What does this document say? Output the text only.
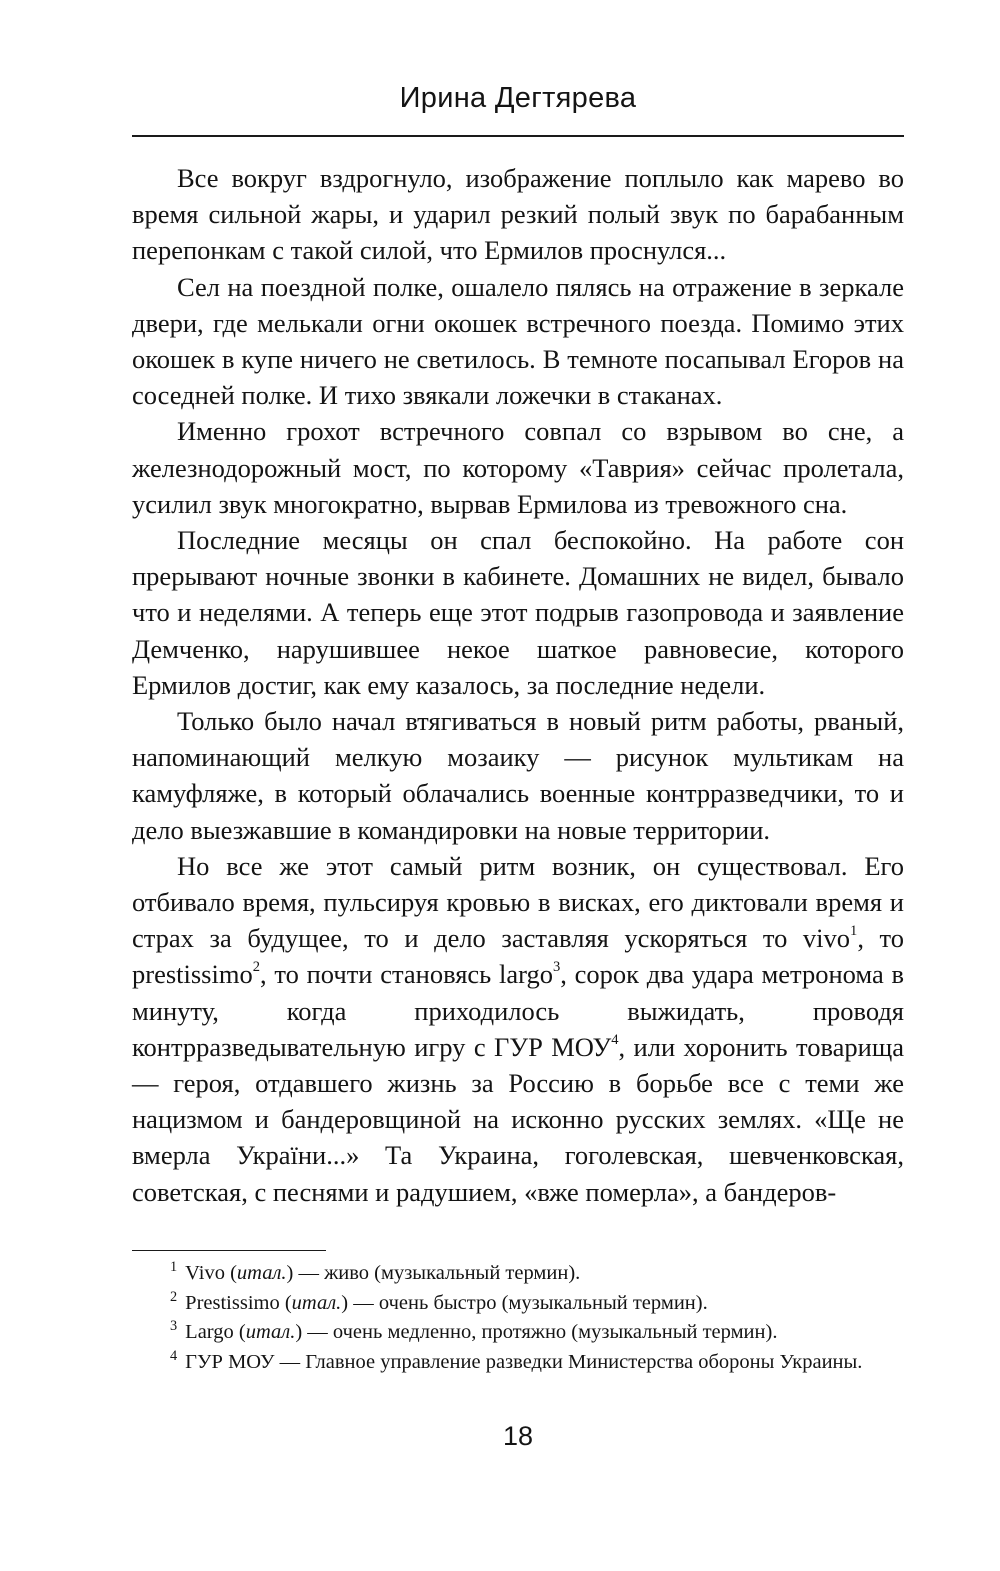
Ирина Дегтярева

Все вокруг вздрогнуло, изображение поплыло как марево во время сильной жары, и ударил резкий полый звук по барабанным перепонкам с такой силой, что Ермилов проснулся...

Сел на поездной полке, ошалело пялясь на отражение в зеркале двери, где мелькали огни окошек встречного поезда. Помимо этих окошек в купе ничего не светилось. В темноте посапывал Егоров на соседней полке. И тихо звякали ложечки в стаканах.

Именно грохот встречного совпал со взрывом во сне, а железнодорожный мост, по которому «Таврия» сейчас пролетала, усилил звук многократно, вырвав Ермилова из тревожного сна.

Последние месяцы он спал беспокойно. На работе сон прерывают ночные звонки в кабинете. Домашних не видел, бывало что и неделями. А теперь еще этот подрыв газопровода и заявление Демченко, нарушившее некое шаткое равновесие, которого Ермилов достиг, как ему казалось, за последние недели.

Только было начал втягиваться в новый ритм работы, рваный, напоминающий мелкую мозаику — рисунок мультикам на камуфляже, в который облачались военные контрразведчики, то и дело выезжавшие в командировки на новые территории.

Но все же этот самый ритм возник, он существовал. Его отбивало время, пульсируя кровью в висках, его диктовали время и страх за будущее, то и дело заставляя ускоряться то vivo$^1$, то prestissimo$^2$, то почти становясь largo$^3$, сорок два удара метронома в минуту, когда приходилось выжидать, проводя контрразведывательную игру с ГУР МОУ$^4$, или хоронить товарища — героя, отдавшего жизнь за Россию в борьбе все с теми же нацизмом и бандеровщиной на исконно русских землях. «Ще не вмерла України...» Та Украина, гоголевская, шевченковская, советская, с песнями и радушием, «вже померла», а бандеров-

$^1$ Vivo (итал.) — живо (музыкальный термин).

$^2$ Prestissimo (итал.) — очень быстро (музыкальный термин).

$^3$ Largo (итал.) — очень медленно, протяжно (музыкальный термин).

$^4$ ГУР МОУ — Главное управление разведки Министерства обороны Украины.

18
